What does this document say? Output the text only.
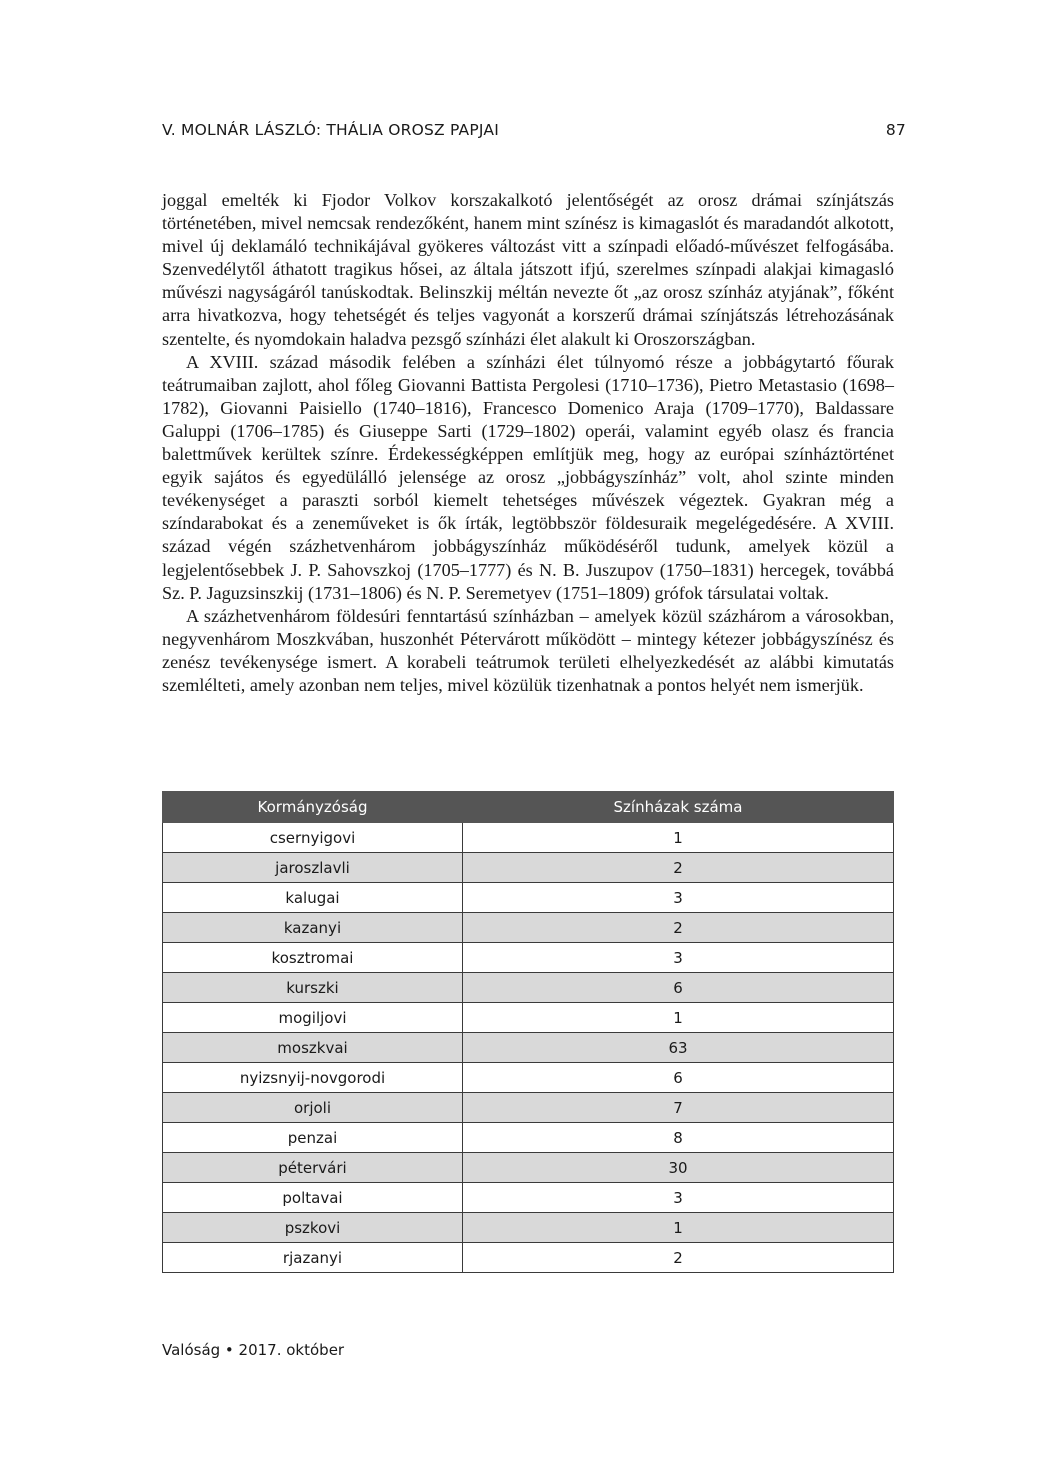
V. MOLNÁR LÁSZLÓ: THÁLIA OROSZ PAPJAI	87

joggal emelték ki Fjodor Volkov korszakalkotó jelentőségét az orosz drámai színjátszás történetében, mivel nemcsak rendezőként, hanem mint színész is kimagaslót és maradandót alkotott, mivel új deklamáló technikájával gyökeres változást vitt a színpadi előadó-művészet felfogásába. Szenvedélytől áthatott tragikus hősei, az általa játszott ifjú, szerelmes színpadi alakjai kimagasló művészi nagyságáról tanúskodtak. Belinszkij méltán nevezte őt „az orosz színház atyjának”, főként arra hivatkozva, hogy tehetségét és teljes vagyonát a korszerű drámai színjátszás létrehozásának szentelte, és nyomdokain haladva pezsgő színházi élet alakult ki Oroszországban.

A XVIII. század második felében a színházi élet túlnyomó része a jobbágytartó főurak teátrumaiban zajlott, ahol főleg Giovanni Battista Pergolesi (1710–1736), Pietro Metastasio (1698–1782), Giovanni Paisiello (1740–1816), Francesco Domenico Araja (1709–1770), Baldassare Galuppi (1706–1785) és Giuseppe Sarti (1729–1802) operái, valamint egyéb olasz és francia balettművek kerültek színre. Érdekességképpen említjük meg, hogy az európai színháztörténet egyik sajátos és egyedülálló jelensége az orosz „jobbágyszínház” volt, ahol szinte minden tevékenységet a paraszti sorból kiemelt tehetséges művészek végeztek. Gyakran még a színdarabokat és a zeneműveket is ők írták, legtöbbször földesuraik megelégedésére. A XVIII. század végén százhetvenhárom jobbágyszínház működéséről tudunk, amelyek közül a legjelentősebbek J. P. Sahovszkoj (1705–1777) és N. B. Juszupov (1750–1831) hercegek, továbbá Sz. P. Jaguzsinszkij (1731–1806) és N. P. Seremetyev (1751–1809) grófok társulatai voltak.

A százhetvenhárom földesúri fenntartású színházban – amelyek közül százhárom a városokban, negyvenhárom Moszkvában, huszonhét Pétervárott működött – mintegy kétezer jobbágyszínész és zenész tevékenysége ismert. A korabeli teátrumok területi elhelyezkedését az alábbi kimutatás szemlélteti, amely azonban nem teljes, mivel közülük tizenhatnak a pontos helyét nem ismerjük.

Kormányzóság	Színházak száma
csernyigovi	1
jaroszlavli	2
kalugai	3
kazanyi	2
kosztromai	3
kurszki	6
mogiljovi	1
moszkvai	63
nyizsnyij-novgorodi	6
orjoli	7
penzai	8
pétervári	30
poltavai	3
pszkovi	1
rjazanyi	2
Valóság • 2017. október
